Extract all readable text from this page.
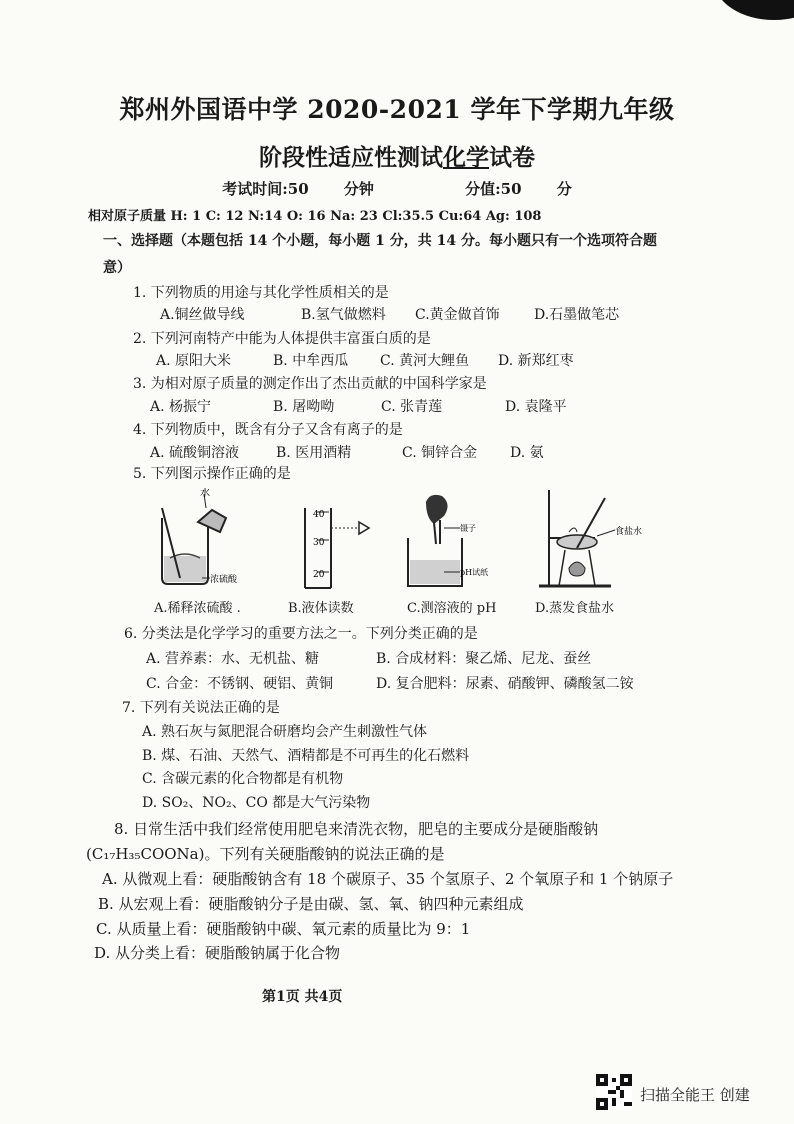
郑州外国语中学 2020-2021 学年下学期九年级
阶段性适应性测试化学试卷
考试时间:50 分钟	分值:50 分
相对原子质量 H: 1 C: 12 N:14 O: 16 Na: 23 Cl:35.5 Cu:64 Ag: 108
一、选择题（本题包括 14 个小题，每小题 1 分，共 14 分。每小题只有一个选项符合题
意）
1. 下列物质的用途与其化学性质相关的是
A.铜丝做导线	B.氢气做燃料 C.黄金做首饰 D.石墨做笔芯
2. 下列河南特产中能为人体提供丰富蛋白质的是
A. 原阳大米	B. 中牟西瓜 C. 黄河大鲤鱼 D. 新郑红枣
3. 为相对原子质量的测定作出了杰出贡献的中国科学家是
A. 杨振宁	B. 屠呦呦	C. 张青莲	D. 袁隆平
4. 下列物质中，既含有分子又含有离子的是
A. 硫酸铜溶液	B. 医用酒精	C. 铜锌合金 D. 氨
5. 下列图示操作正确的是
水
浓硫酸
40
30
20
镊子
pH试纸
食盐水
A.稀释浓硫酸 .	B.液体读数	C.测溶液的 pH	D.蒸发食盐水
6. 分类法是化学学习的重要方法之一。下列分类正确的是
A. 营养素：水、无机盐、糖	B. 合成材料：聚乙烯、尼龙、蚕丝
C. 合金：不锈钢、硬铝、黄铜	D. 复合肥料：尿素、硝酸钾、磷酸氢二铵
7. 下列有关说法正确的是
A. 熟石灰与氮肥混合研磨均会产生刺激性气体
B. 煤、石油、天然气、酒精都是不可再生的化石燃料
C. 含碳元素的化合物都是有机物
D. SO₂、NO₂、CO 都是大气污染物
8. 日常生活中我们经常使用肥皂来清洗衣物，肥皂的主要成分是硬脂酸钠
(C₁₇H₃₅COONa)。下列有关硬脂酸钠的说法正确的是
A. 从微观上看：硬脂酸钠含有 18 个碳原子、35 个氢原子、2 个氧原子和 1 个钠原子
B. 从宏观上看：硬脂酸钠分子是由碳、氢、氧、钠四种元素组成
C. 从质量上看：硬脂酸钠中碳、氧元素的质量比为 9：1
D. 从分类上看：硬脂酸钠属于化合物
第1页 共4页
扫描全能王 创建
